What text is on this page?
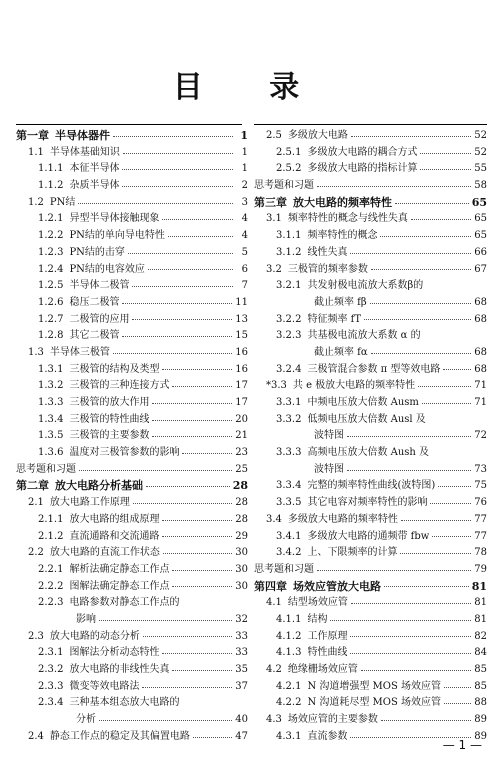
目 录
第一章 半导体器件	1
1.1 半导体基础知识	1
1.1.1 本征半导体	1
1.1.2 杂质半导体	2
1.2 PN结	3
1.2.1 异型半导体接触现象	4
1.2.2 PN结的单向导电特性	4
1.2.3 PN结的击穿	5
1.2.4 PN结的电容效应	6
1.2.5 半导体二极管	7
1.2.6 稳压二极管	11
1.2.7 二极管的应用	13
1.2.8 其它二极管	15
1.3 半导体三极管	16
1.3.1 三极管的结构及类型	16
1.3.2 三极管的三种连接方式	17
1.3.3 三极管的放大作用	17
1.3.4 三极管的特性曲线	20
1.3.5 三极管的主要参数	21
1.3.6 温度对三极管参数的影响	23
思考题和习题	25
第二章 放大电路分析基础	28
2.1 放大电路工作原理	28
2.1.1 放大电路的组成原理	28
2.1.2 直流通路和交流通路	29
2.2 放大电路的直流工作状态	30
2.2.1 解析法确定静态工作点	30
2.2.2 图解法确定静态工作点	30
2.2.3 电路参数对静态工作点的
影响	32
2.3 放大电路的动态分析	33
2.3.1 图解法分析动态特性	33
2.3.2 放大电路的非线性失真	35
2.3.3 微变等效电路法	37
2.3.4 三种基本组态放大电路的
分析	40
2.4 静态工作点的稳定及其偏置电路	47
2.5 多级放大电路	52
2.5.1 多级放大电路的耦合方式	52
2.5.2 多级放大电路的指标计算	55
思考题和习题	58
第三章 放大电路的频率特性	65
3.1 频率特性的概念与线性失真	65
3.1.1 频率特性的概念	65
3.1.2 线性失真	66
3.2 三极管的频率参数	67
3.2.1 共发射极电流放大系数β的
截止频率 fβ	68
3.2.2 特征频率 fT	68
3.2.3 共基极电流放大系数 α 的
截止频率 fα	68
3.2.4 三极管混合参数 π 型等效电路	68
*3.3 共 e 极放大电路的频率特性	71
3.3.1 中频电压放大倍数 Ausm	71
3.3.2 低频电压放大倍数 Ausl 及
波特图	72
3.3.3 高频电压放大倍数 Aush 及
波特图	73
3.3.4 完整的频率特性曲线(波特图)	75
3.3.5 其它电容对频率特性的影响	76
3.4 多级放大电路的频率特性	77
3.4.1 多级放大电路的通频带 fbw	77
3.4.2 上、下限频率的计算	78
思考题和习题	79
第四章 场效应管放大电路	81
4.1 结型场效应管	81
4.1.1 结构	81
4.1.2 工作原理	82
4.1.3 特性曲线	84
4.2 绝缘栅场效应管	85
4.2.1 N 沟道增强型 MOS 场效应管	85
4.2.2 N 沟道耗尽型 MOS 场效应管	88
4.3 场效应管的主要参数	89
4.3.1 直流参数	89
— 1 —
